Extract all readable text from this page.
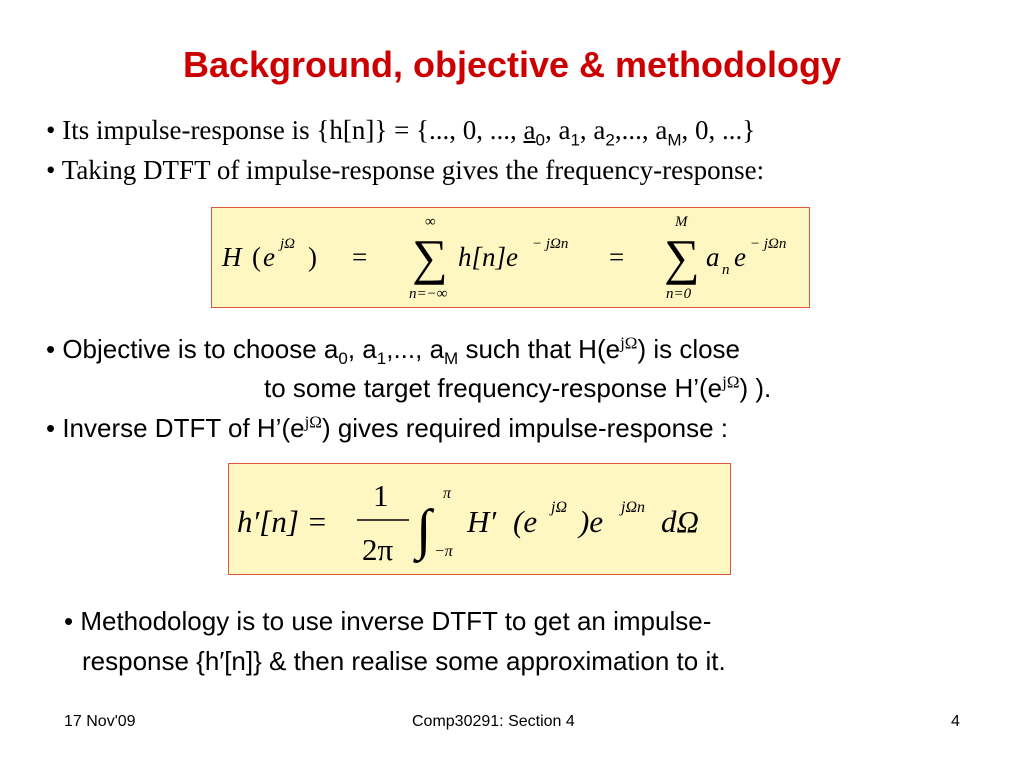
Background, objective & methodology
• Its impulse-response is {h[n]} = {..., 0, ..., $a_0$, $a_1$, $a_2$,..., $a_M$, 0, ...}
• Taking DTFT of impulse-response gives the frequency-response:
H ( e jΩ ) = ∑
∞
n=−∞
h[n]e − jΩn = ∑
M
n=0
a n e − jΩn
• Objective is to choose $a_0$, $a_1$,..., $a_M$ such that $H(e^{j\Omega})$ is close
to some target frequency-response $H’(e^{j\Omega})$ ).
• Inverse DTFT of $H’(e^{j\Omega})$ gives required impulse-response :
h′[n] =
1
2π ∫
π
−π
H′ (e jΩ )e jΩn dΩ
• Methodology is to use inverse DTFT to get an impulse-
response {h′[n]} & then realise some approximation to it.
17 Nov'09	Comp30291: Section 4	4
